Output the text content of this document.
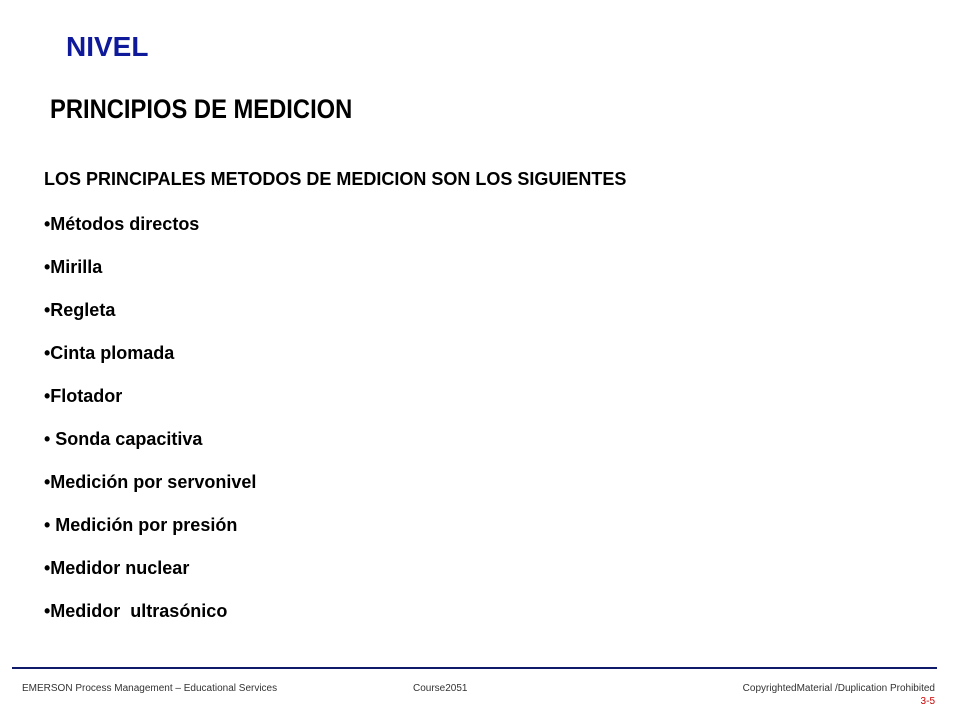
NIVEL
PRINCIPIOS DE MEDICION

LOS PRINCIPALES METODOS DE MEDICION SON LOS SIGUIENTES

•Métodos directos
•Mirilla
•Regleta
•Cinta plomada
•Flotador
• Sonda capacitiva
•Medición por servonivel
• Medición por presión
•Medidor nuclear
•Medidor  ultrasónico
EMERSON Process Management – Educational Services	Course2051	CopyrightedMaterial /Duplication Prohibited
3-5
